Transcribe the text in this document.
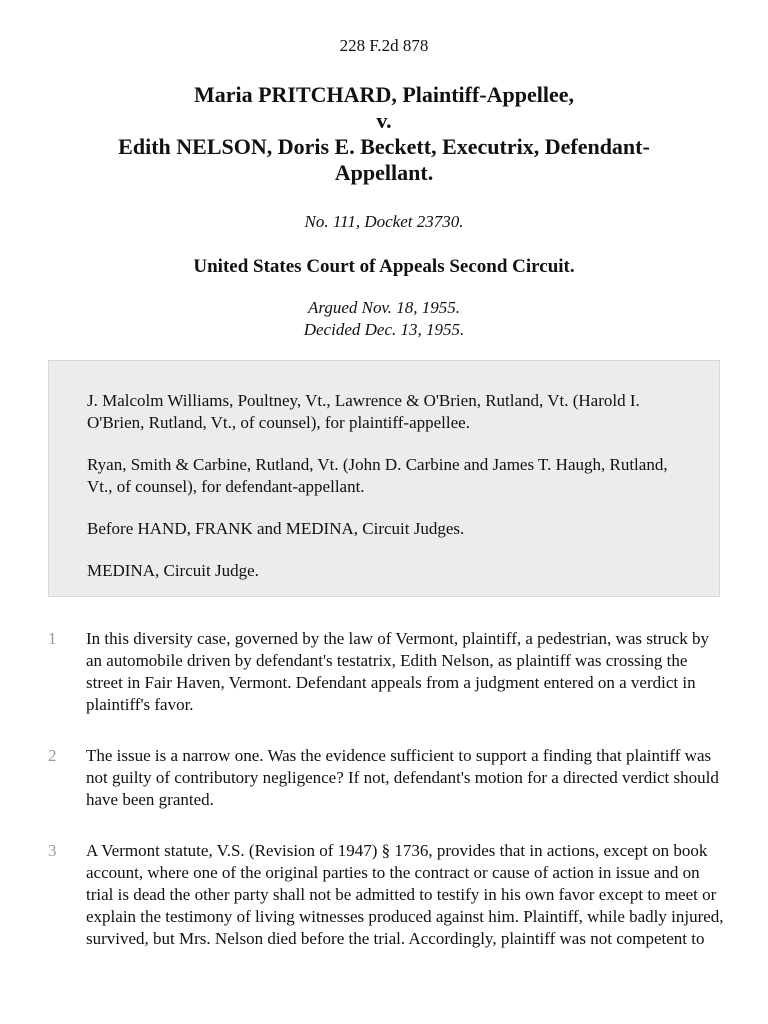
228 F.2d 878
Maria PRITCHARD, Plaintiff-Appellee,
v.
Edith NELSON, Doris E. Beckett, Executrix, Defendant-
Appellant.
No. 111, Docket 23730.
United States Court of Appeals Second Circuit.
Argued Nov. 18, 1955.
Decided Dec. 13, 1955.

J. Malcolm Williams, Poultney, Vt., Lawrence & O'Brien, Rutland, Vt. (Harold I. O'Brien, Rutland, Vt., of counsel), for plaintiff-appellee.

Ryan, Smith & Carbine, Rutland, Vt. (John D. Carbine and James T. Haugh, Rutland, Vt., of counsel), for defendant-appellant.

Before HAND, FRANK and MEDINA, Circuit Judges.

MEDINA, Circuit Judge.

1	In this diversity case, governed by the law of Vermont, plaintiff, a pedestrian, was struck by an automobile driven by defendant's testatrix, Edith Nelson, as plaintiff was crossing the street in Fair Haven, Vermont. Defendant appeals from a judgment entered on a verdict in plaintiff's favor.
2	The issue is a narrow one. Was the evidence sufficient to support a finding that plaintiff was not guilty of contributory negligence? If not, defendant's motion for a directed verdict should have been granted.
3	A Vermont statute, V.S. (Revision of 1947) § 1736, provides that in actions, except on book account, where one of the original parties to the contract or cause of action in issue and on trial is dead the other party shall not be admitted to testify in his own favor except to meet or explain the testimony of living witnesses produced against him. Plaintiff, while badly injured, survived, but Mrs. Nelson died before the trial. Accordingly, plaintiff was not competent to
